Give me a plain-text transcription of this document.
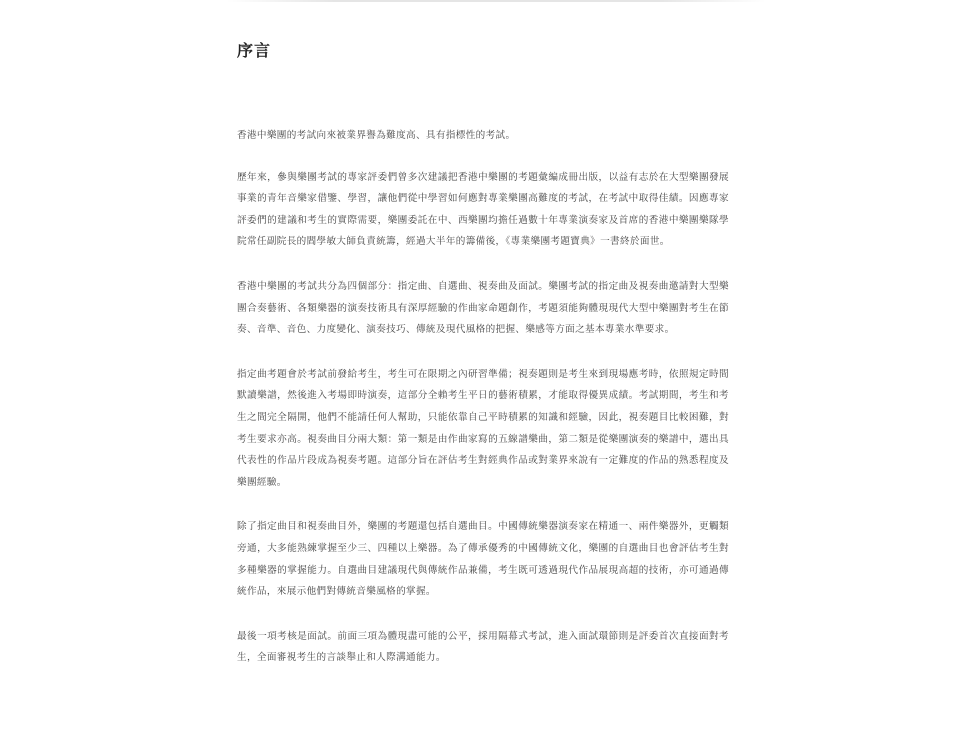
序言

香港中樂團的考試向來被業界譽為難度高、具有指標性的考試。

歷年來，參與樂團考試的專家評委們曾多次建議把香港中樂團的考題彙編成冊出版，以益有志於在大型樂團發展事業的青年音樂家借鑒、學習，讓他們從中學習如何應對專業樂團高難度的考試，在考試中取得佳績。因應專家評委們的建議和考生的實際需要，樂團委託在中、西樂團均擔任過數十年專業演奏家及首席的香港中樂團樂隊學院常任副院長的閻學敏大師負責統籌，經過大半年的籌備後，《專業樂團考題寶典》一書終於面世。

香港中樂團的考試共分為四個部分：指定曲、自選曲、視奏曲及面試。樂團考試的指定曲及視奏曲邀請對大型樂團合奏藝術、各類樂器的演奏技術具有深厚經驗的作曲家命題創作，考題須能夠體現現代大型中樂團對考生在節奏、音準、音色、力度變化、演奏技巧、傳統及現代風格的把握、樂感等方面之基本專業水準要求。

指定曲考題會於考試前發給考生，考生可在限期之內研習準備；視奏題則是考生來到現場應考時，依照規定時間默讀樂譜，然後進入考場即時演奏，這部分全賴考生平日的藝術積累，才能取得優異成績。考試期間，考生和考生之間完全隔開，他們不能請任何人幫助，只能依靠自己平時積累的知識和經驗，因此，視奏題目比較困難，對考生要求亦高。視奏曲目分兩大類：第一類是由作曲家寫的五線譜樂曲，第二類是從樂團演奏的樂譜中，選出具代表性的作品片段成為視奏考題。這部分旨在評估考生對經典作品或對業界來說有一定難度的作品的熟悉程度及樂團經驗。

除了指定曲目和視奏曲目外，樂團的考題還包括自選曲目。中國傳統樂器演奏家在精通一、兩件樂器外，更觸類旁通，大多能熟練掌握至少三、四種以上樂器。為了傳承優秀的中國傳統文化，樂團的自選曲目也會評估考生對多種樂器的掌握能力。自選曲目建議現代與傳統作品兼備，考生既可透過現代作品展現高超的技術，亦可通過傳統作品，來展示他們對傳統音樂風格的掌握。

最後一項考核是面試。前面三項為體現盡可能的公平，採用隔幕式考試，進入面試環節則是評委首次直接面對考生，全面審視考生的言談舉止和人際溝通能力。
